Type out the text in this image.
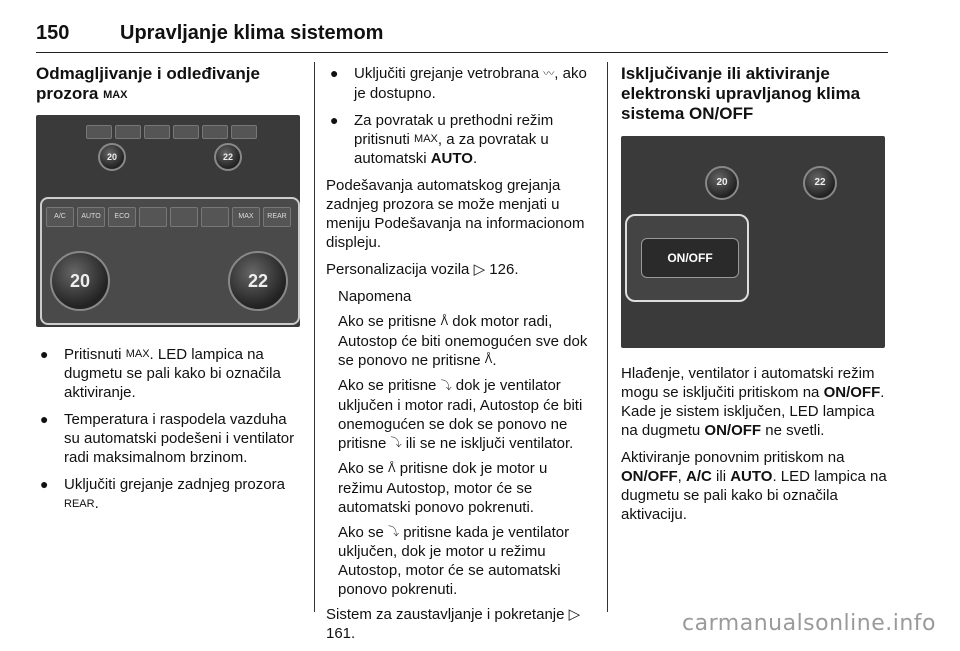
150	Upravljanje klima sistemom
Odmagljivanje i odleđivanje prozora MAX
20	22
A/C	AUTO	ECO	MAX	REAR
20	22
● Pritisnuti MAX. LED lampica na dugmetu se pali kako bi označila aktiviranje.
● Temperatura i raspodela vazduha su automatski podešeni i ventilator radi maksimalnom brzinom.
● Uključiti grejanje zadnjeg prozora REAR.
● Uključiti grejanje vetrobrana 〰, ako je dostupno.
● Za povratak u prethodni režim pritisnuti MAX, a za povratak u automatski AUTO.

Podešavanja automatskog grejanja zadnjeg prozora se može menjati u meniju Podešavanja na informacionom displeju.

Personalizacija vozila ▷ 126.

Napomena

Ako se pritisne ᐰ dok motor radi, Autostop će biti onemogućen sve dok se ponovo ne pritisne ᐰ.

Ako se pritisne ⤵ dok je ventilator uključen i motor radi, Autostop će biti onemogućen se dok se ponovo ne pritisne ⤵ ili se ne isključi ventilator.

Ako se ᐰ pritisne dok je motor u režimu Autostop, motor će se automatski ponovo pokrenuti.

Ako se ⤵ pritisne kada je ventilator uključen, dok je motor u režimu Autostop, motor će se automatski ponovo pokrenuti.

Sistem za zaustavljanje i pokretanje ▷ 161.

Isključivanje ili aktiviranje elektronski upravljanog klima sistema ON/OFF
20	22
ON/OFF

Hlađenje, ventilator i automatski režim mogu se isključiti pritiskom na ON/OFF. Kade je sistem isključen, LED lampica na dugmetu ON/OFF ne svetli.

Aktiviranje ponovnim pritiskom na ON/OFF, A/C ili AUTO. LED lampica na dugmetu se pali kako bi označila aktivaciju.

carmanualsonline.info
